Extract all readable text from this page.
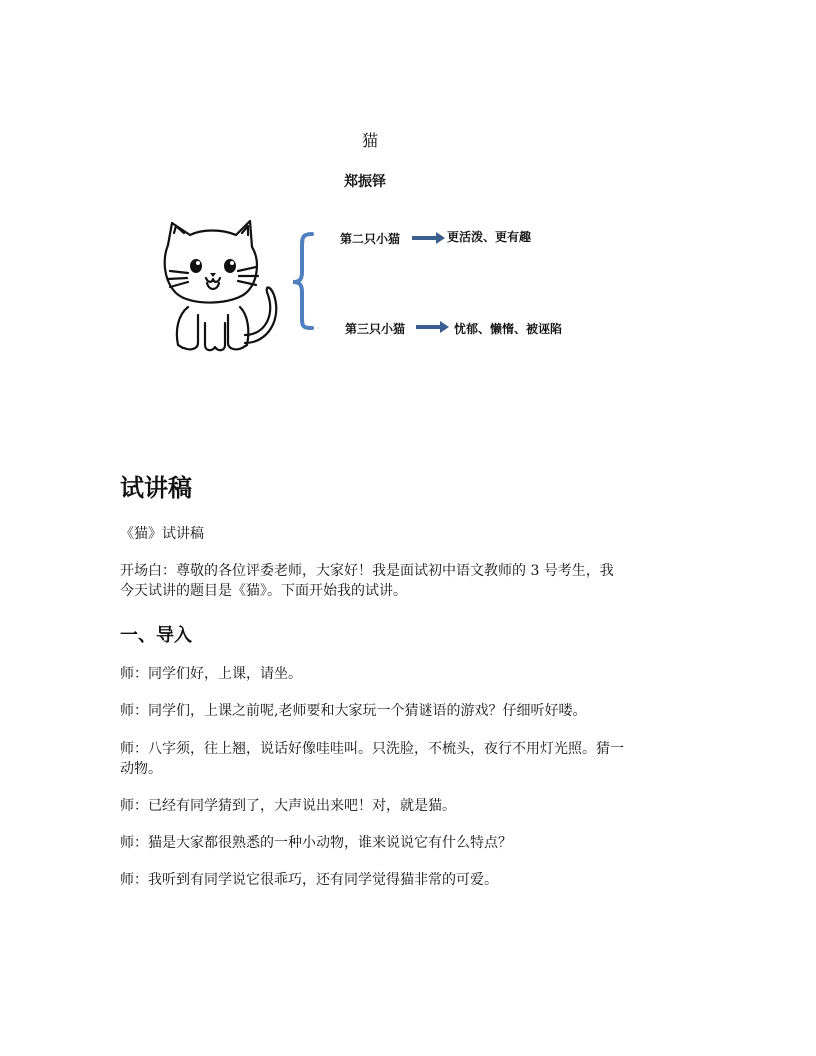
猫
郑振铎
第二只小猫	更活泼、更有趣
第三只小猫	忧郁、懒惰、被诬陷
试讲稿
《猫》试讲稿
开场白：尊敬的各位评委老师，大家好！我是面试初中语文教师的 3 号考生，我
今天试讲的题目是《猫》。下面开始我的试讲。
一、导入
师：同学们好，上课，请坐。
师：同学们，上课之前呢,老师要和大家玩一个猜谜语的游戏？仔细听好喽。
师：八字须，往上翘，说话好像哇哇叫。只洗脸，不梳头，夜行不用灯光照。猜一
动物。
师：已经有同学猜到了，大声说出来吧！对，就是猫。
师：猫是大家都很熟悉的一种小动物，谁来说说它有什么特点？
师：我听到有同学说它很乖巧，还有同学觉得猫非常的可爱。
